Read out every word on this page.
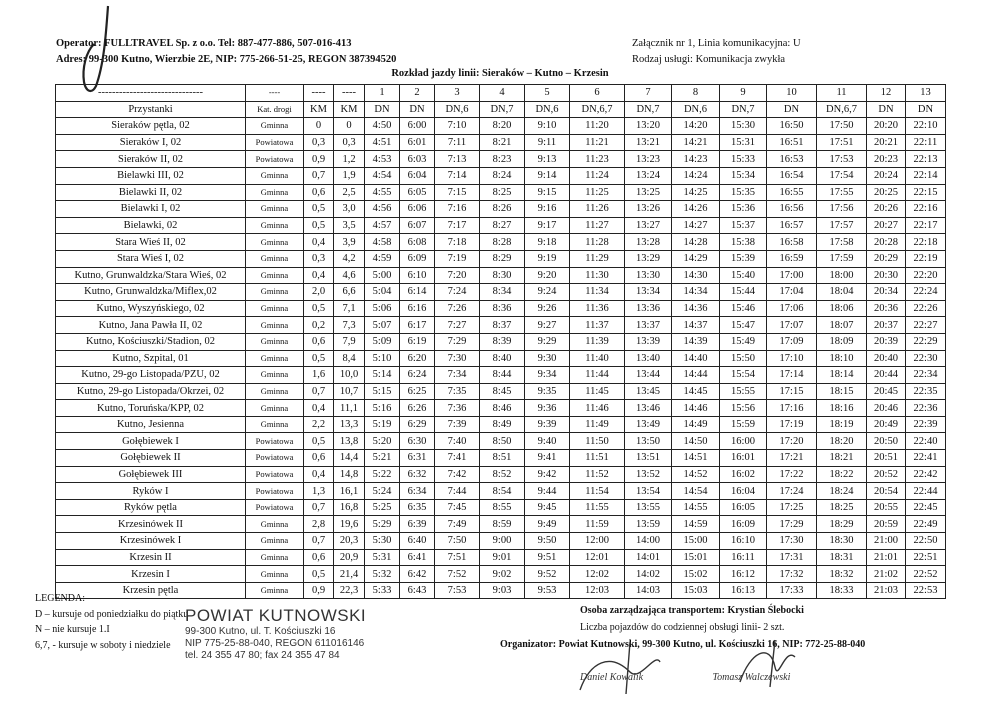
Operator: FULLTRAVEL Sp. z o.o. Tel: 887-477-886, 507-016-413
Adres: 99-300 Kutno, Wierzbie 2E, NIP: 775-266-51-25, REGON 387394520
Załącznik nr 1, Linia komunikacyjna: U
Rodzaj usługi: Komunikacja zwykła
Rozkład jazdy linii: Sieraków – Kutno – Krzesin
------------------------------	----	----	----	1	2	3	4	5	6	7	8	9	10	11	12	13
Przystanki	Kat. drogi	KM	KM	DN	DN	DN,6	DN,7	DN,6	DN,6,7	DN,7	DN,6	DN,7	DN	DN,6,7	DN	DN
Sieraków pętla, 02	Gminna	0	0	4:50	6:00	7:10	8:20	9:10	11:20	13:20	14:20	15:30	16:50	17:50	20:20	22:10
Sieraków I, 02	Powiatowa	0,3	0,3	4:51	6:01	7:11	8:21	9:11	11:21	13:21	14:21	15:31	16:51	17:51	20:21	22:11
Sieraków II, 02	Powiatowa	0,9	1,2	4:53	6:03	7:13	8:23	9:13	11:23	13:23	14:23	15:33	16:53	17:53	20:23	22:13
Bielawki III, 02	Gminna	0,7	1,9	4:54	6:04	7:14	8:24	9:14	11:24	13:24	14:24	15:34	16:54	17:54	20:24	22:14
Bielawki II, 02	Gminna	0,6	2,5	4:55	6:05	7:15	8:25	9:15	11:25	13:25	14:25	15:35	16:55	17:55	20:25	22:15
Bielawki I, 02	Gminna	0,5	3,0	4:56	6:06	7:16	8:26	9:16	11:26	13:26	14:26	15:36	16:56	17:56	20:26	22:16
Bielawki, 02	Gminna	0,5	3,5	4:57	6:07	7:17	8:27	9:17	11:27	13:27	14:27	15:37	16:57	17:57	20:27	22:17
Stara Wieś II, 02	Gminna	0,4	3,9	4:58	6:08	7:18	8:28	9:18	11:28	13:28	14:28	15:38	16:58	17:58	20:28	22:18
Stara Wieś I, 02	Gminna	0,3	4,2	4:59	6:09	7:19	8:29	9:19	11:29	13:29	14:29	15:39	16:59	17:59	20:29	22:19
Kutno, Grunwaldzka/Stara Wieś, 02	Gminna	0,4	4,6	5:00	6:10	7:20	8:30	9:20	11:30	13:30	14:30	15:40	17:00	18:00	20:30	22:20
Kutno, Grunwaldzka/Miflex,02	Gminna	2,0	6,6	5:04	6:14	7:24	8:34	9:24	11:34	13:34	14:34	15:44	17:04	18:04	20:34	22:24
Kutno, Wyszyńskiego, 02	Gminna	0,5	7,1	5:06	6:16	7:26	8:36	9:26	11:36	13:36	14:36	15:46	17:06	18:06	20:36	22:26
Kutno, Jana Pawła II, 02	Gminna	0,2	7,3	5:07	6:17	7:27	8:37	9:27	11:37	13:37	14:37	15:47	17:07	18:07	20:37	22:27
Kutno, Kościuszki/Stadion, 02	Gminna	0,6	7,9	5:09	6:19	7:29	8:39	9:29	11:39	13:39	14:39	15:49	17:09	18:09	20:39	22:29
Kutno, Szpital, 01	Gminna	0,5	8,4	5:10	6:20	7:30	8:40	9:30	11:40	13:40	14:40	15:50	17:10	18:10	20:40	22:30
Kutno, 29-go Listopada/PZU, 02	Gminna	1,6	10,0	5:14	6:24	7:34	8:44	9:34	11:44	13:44	14:44	15:54	17:14	18:14	20:44	22:34
Kutno, 29-go Listopada/Okrzei, 02	Gminna	0,7	10,7	5:15	6:25	7:35	8:45	9:35	11:45	13:45	14:45	15:55	17:15	18:15	20:45	22:35
Kutno, Toruńska/KPP, 02	Gminna	0,4	11,1	5:16	6:26	7:36	8:46	9:36	11:46	13:46	14:46	15:56	17:16	18:16	20:46	22:36
Kutno, Jesienna	Gminna	2,2	13,3	5:19	6:29	7:39	8:49	9:39	11:49	13:49	14:49	15:59	17:19	18:19	20:49	22:39
Gołębiewek I	Powiatowa	0,5	13,8	5:20	6:30	7:40	8:50	9:40	11:50	13:50	14:50	16:00	17:20	18:20	20:50	22:40
Gołębiewek II	Powiatowa	0,6	14,4	5:21	6:31	7:41	8:51	9:41	11:51	13:51	14:51	16:01	17:21	18:21	20:51	22:41
Gołębiewek III	Powiatowa	0,4	14,8	5:22	6:32	7:42	8:52	9:42	11:52	13:52	14:52	16:02	17:22	18:22	20:52	22:42
Ryków I	Powiatowa	1,3	16,1	5:24	6:34	7:44	8:54	9:44	11:54	13:54	14:54	16:04	17:24	18:24	20:54	22:44
Ryków pętla	Powiatowa	0,7	16,8	5:25	6:35	7:45	8:55	9:45	11:55	13:55	14:55	16:05	17:25	18:25	20:55	22:45
Krzesinówek II	Gminna	2,8	19,6	5:29	6:39	7:49	8:59	9:49	11:59	13:59	14:59	16:09	17:29	18:29	20:59	22:49
Krzesinówek I	Gminna	0,7	20,3	5:30	6:40	7:50	9:00	9:50	12:00	14:00	15:00	16:10	17:30	18:30	21:00	22:50
Krzesin II	Gminna	0,6	20,9	5:31	6:41	7:51	9:01	9:51	12:01	14:01	15:01	16:11	17:31	18:31	21:01	22:51
Krzesin I	Gminna	0,5	21,4	5:32	6:42	7:52	9:02	9:52	12:02	14:02	15:02	16:12	17:32	18:32	21:02	22:52
Krzesin pętla	Gminna	0,9	22,3	5:33	6:43	7:53	9:03	9:53	12:03	14:03	15:03	16:13	17:33	18:33	21:03	22:53
LEGENDA:
D – kursuje od poniedziałku do piątku
N – nie kursuje 1.I
6,7, - kursuje w soboty i niedziele
POWIAT KUTNOWSKI
99-300 Kutno, ul. T. Kościuszki 16
NIP 775-25-88-040, REGON 611016146
tel. 24 355 47 80; fax 24 355 47 84
Osoba zarządzająca transportem: Krystian Ślebocki
Liczba pojazdów do codziennej obsługi linii- 2 szt.
Organizator: Powiat Kutnowski, 99-300 Kutno, ul. Kościuszki 16, NIP: 772-25-88-040
Daniel Kowalik	Tomasz Walczewski
